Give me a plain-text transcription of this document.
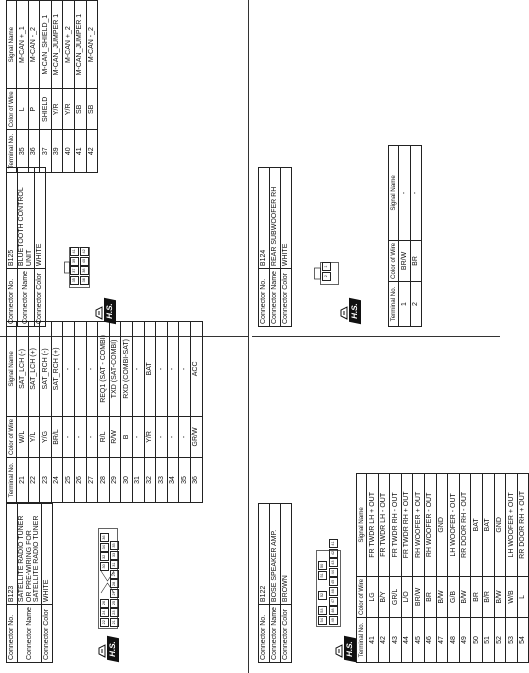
Connector No.	B123
Connector Name	SATELLITE RADIO TUNER OR PRE-WIRING FOR SATELLITE RADIO TUNER

Connector Color	WHITE
H.S.
22
24
26
30
32
34
36
21
23
25
27
28
29
31
33
35
Terminal No.	Color of Wire	Signal Name
21	W/L	SAT_LCH (-)
22	Y/L	SAT_LCH (+)
23	Y/G	SAT_RCH (-)
24	BR/L	SAT_RCH (+)
25	-	-
26	-	-
27	-	-
28	R/L	REQ1 (SAT - COMBI)
29	R/W	TXD (SAT-COMBI)
30	B	RXD (COMBI-SAT)
31	-	-
32	Y/R	BAT
33	-	-
34	-	-
35	-	-
36	GR/W	ACC
Connector No.	B125
Connector Name	BLUETOOTH CONTROL UNIT

Connector Color	WHITE
H.S.
35
37
39
41
36
38
40
42
Terminal No.	Color of Wire	Signal Name
35	L	M-CAN +_1
36	P	M-CAN -_2
37	SHIELD	M-CAN_SHIELD_1
39	Y/R	M-CAN_JUMPER 1
40	Y/R	M-CAN +_2
41	SB	M-CAN_JUMPER 1
42	SB	M-CAN -_2
Connector No.	B122
Connector Name	BOSE SPEAKER AMP.
Connector Color	BROWN
H.S.
54
53
52
51
50
49
48
47
46
45
44
43
42
41
Connector No.	B124
Connector Name	REAR SUBWOOFER RH
Connector Color	WHITE
H.S.
2
1
Terminal No.	Color of Wire	Signal Name
1	BR/W	-
2	BR	-
Terminal No.	Color of Wire	Signal Name
41	LG	FR TWDR LH + OUT
42	B/Y	FR TWDR LH - OUT
43	GR/L	FR TWDR RH - OUT
44	L/O	FR TWDR RH + OUT
45	BR/W	RH WOOFER + OUT
46	BR	RH WOOFER - OUT
47	B/W	GND
48	G/B	LH WOOFER - OUT
49	B/W	RR DOOR RH - OUT
50	BR	BAT
51	B/R	BAT
52	B/W	GND
53	W/B	LH WOOFER + OUT
54	L	RR DOOR RH + OUT
